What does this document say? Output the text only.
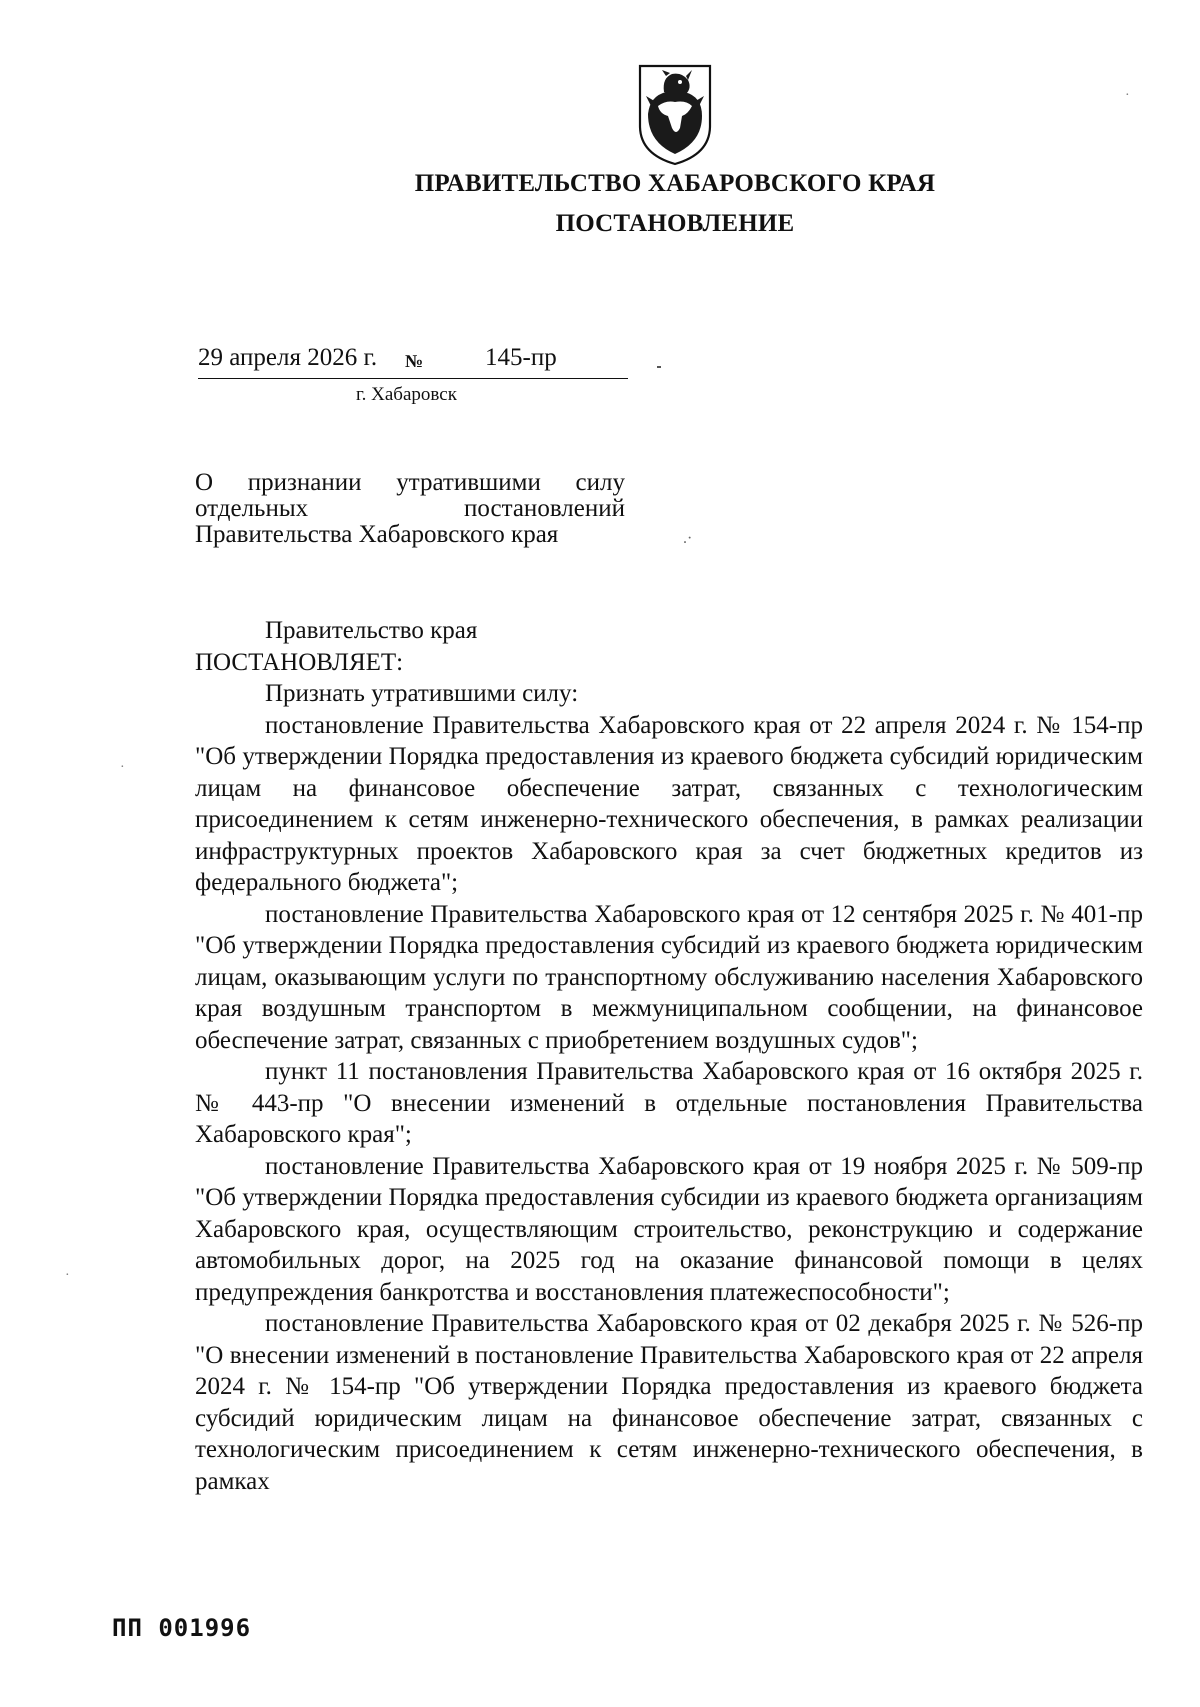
ПРАВИТЕЛЬСТВО ХАБАРОВСКОГО КРАЯ
ПОСТАНОВЛЕНИЕ
29 апреля 2026 г. № 145-пр
г. Хабаровск
О признании утратившими силу
отдельных постановлений
Правительства Хабаровского края	.·

Правительство края

ПОСТАНОВЛЯЕТ:

Признать утратившими силу:

постановление Правительства Хабаровского края от 22 апреля 2024 г. № 154-пр "Об утверждении Порядка предоставления из краевого бюджета субсидий юридическим лицам на финансовое обеспечение затрат, связанных с технологическим присоединением к сетям инженерно-технического обеспечения, в рамках реализации инфраструктурных проектов Хабаровского края за счет бюджетных кредитов из федерального бюджета";

постановление Правительства Хабаровского края от 12 сентября 2025 г. № 401-пр "Об утверждении Порядка предоставления субсидий из краевого бюджета юридическим лицам, оказывающим услуги по транспортному обслуживанию населения Хабаровского края воздушным транспортом в межмуниципальном сообщении, на финансовое обеспечение затрат, связанных с приобретением воздушных судов";

пункт 11 постановления Правительства Хабаровского края от 16 октября 2025 г. № 443-пр "О внесении изменений в отдельные постановления Правительства Хабаровского края";

постановление Правительства Хабаровского края от 19 ноября 2025 г. № 509-пр "Об утверждении Порядка предоставления субсидии из краевого бюджета организациям Хабаровского края, осуществляющим строительство, реконструкцию и содержание автомобильных дорог, на 2025 год на оказание финансовой помощи в целях предупреждения банкротства и восстановления платежеспособности";

постановление Правительства Хабаровского края от 02 декабря 2025 г. № 526-пр "О внесении изменений в постановление Правительства Хабаровского края от 22 апреля 2024 г. № 154-пр "Об утверждении Порядка предоставления из краевого бюджета субсидий юридическим лицам на финансовое обеспечение затрат, связанных с технологическим присоединением к сетям инженерно-технического обеспечения, в рамках

·
·
·
ПП 001996
